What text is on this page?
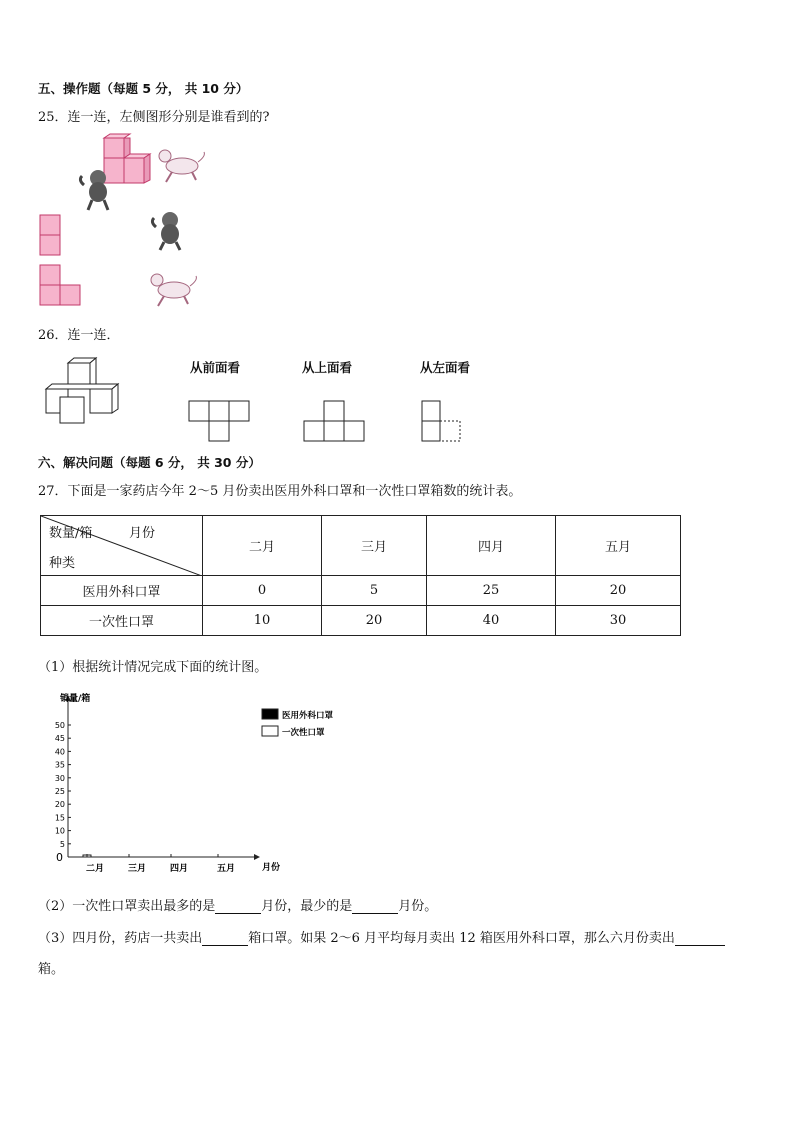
五、操作题（每题 5 分， 共 10 分）
25．连一连，左侧图形分别是谁看到的?
26．连一连．
从前面看	从上面看	从左面看
六、解决问题（每题 6 分， 共 30 分）
27．下面是一家药店今年 2～5 月份卖出医用外科口罩和一次性口罩箱数的统计表。
数量/箱 月份
种类	二月	三月	四月	五月
医用外科口罩	0	5	25	20
一次性口罩	10	20	40	30
（1）根据统计情况完成下面的统计图。
销量/箱
月份
0
5
10
15
20
25
30
35
40
45
50
二月	三月	四月	五月
医用外科口罩
一次性口罩
（2）一次性口罩卖出最多的是	月份，最少的是	月份。
（3）四月份，药店一共卖出	箱口罩。如果 2～6 月平均每月卖出 12 箱医用外科口罩，那么六月份卖出
箱。
